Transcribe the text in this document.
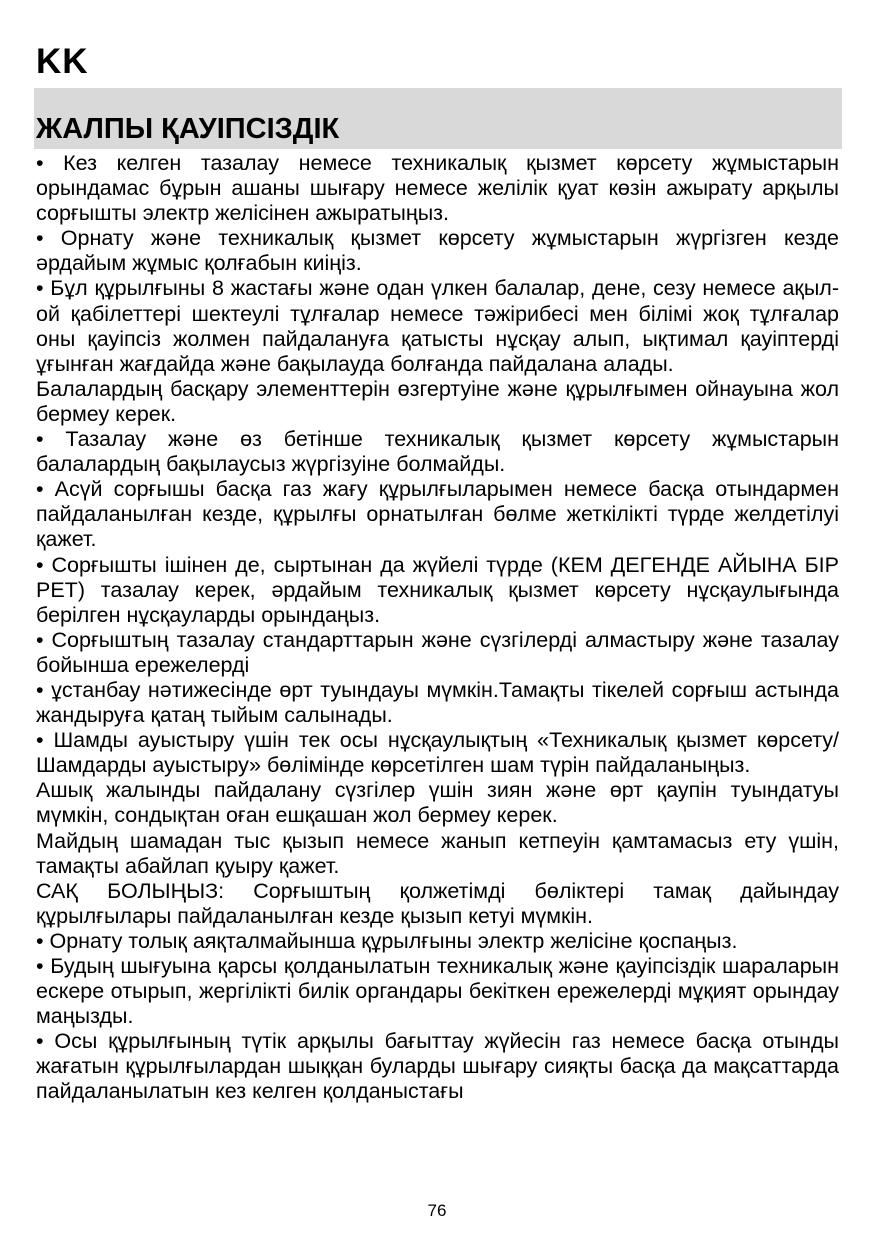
KK
ЖАЛПЫ ҚАУІПСІЗДІК

• Кез келген тазалау немесе техникалық қызмет көрсету жұмыстарын орындамас бұрын ашаны шығару немесе желілік қуат көзін ажырату арқылы сорғышты электр желісінен ажыратыңыз.

• Орнату және техникалық қызмет көрсету жұмыстарын жүргізген кезде әрдайым жұмыс қолғабын киіңіз.

• Бұл құрылғыны 8 жастағы және одан үлкен балалар, дене, сезу немесе ақыл-ой қабілеттері шектеулі тұлғалар немесе тәжірибесі мен білімі жоқ тұлғалар оны қауіпсіз жолмен пайдалануға қатысты нұсқау алып, ықтимал қауіптерді ұғынған жағдайда және бақылауда болғанда пайдалана алады.

Балалардың басқару элементтерін өзгертуіне және құрылғымен ойнауына жол бермеу керек.

• Тазалау және өз бетінше техникалық қызмет көрсету жұмыстарын балалардың бақылаусыз жүргізуіне болмайды.

• Асүй сорғышы басқа газ жағу құрылғыларымен немесе басқа отындармен пайдаланылған кезде, құрылғы орнатылған бөлме жеткілікті түрде желдетілуі қажет.

• Сорғышты ішінен де, сыртынан да жүйелі түрде (КЕМ ДЕГЕНДЕ АЙЫНА БІР РЕТ) тазалау керек, әрдайым техникалық қызмет көрсету нұсқаулығында берілген нұсқауларды орындаңыз.

• Сорғыштың тазалау стандарттарын және сүзгілерді алмастыру және тазалау бойынша ережелерді

• ұстанбау нәтижесінде өрт туындауы мүмкін.Тамақты тікелей сорғыш астында жандыруға қатаң тыйым салынады.

• Шамды ауыстыру үшін тек осы нұсқаулықтың «Техникалық қызмет көрсету/Шамдарды ауыстыру» бөлімінде көрсетілген шам түрін пайдаланыңыз.

Ашық жалынды пайдалану сүзгілер үшін зиян және өрт қаупін туындатуы мүмкін, сондықтан оған ешқашан жол бермеу керек.

Майдың шамадан тыс қызып немесе жанып кетпеуін қамтамасыз ету үшін, тамақты абайлап қуыру қажет.

САҚ БОЛЫҢЫЗ: Сорғыштың қолжетімді бөліктері тамақ дайындау құрылғылары пайдаланылған кезде қызып кетуі мүмкін.

• Орнату толық аяқталмайынша құрылғыны электр желісіне қоспаңыз.

• Будың шығуына қарсы қолданылатын техникалық және қауіпсіздік шараларын ескере отырып, жергілікті билік органдары бекіткен ережелерді мұқият орындау маңызды.

• Осы құрылғының түтік арқылы бағыттау жүйесін газ немесе басқа отынды жағатын құрылғылардан шыққан буларды шығару сияқты басқа да мақсаттарда пайдаланылатын кез келген қолданыстағы

76
